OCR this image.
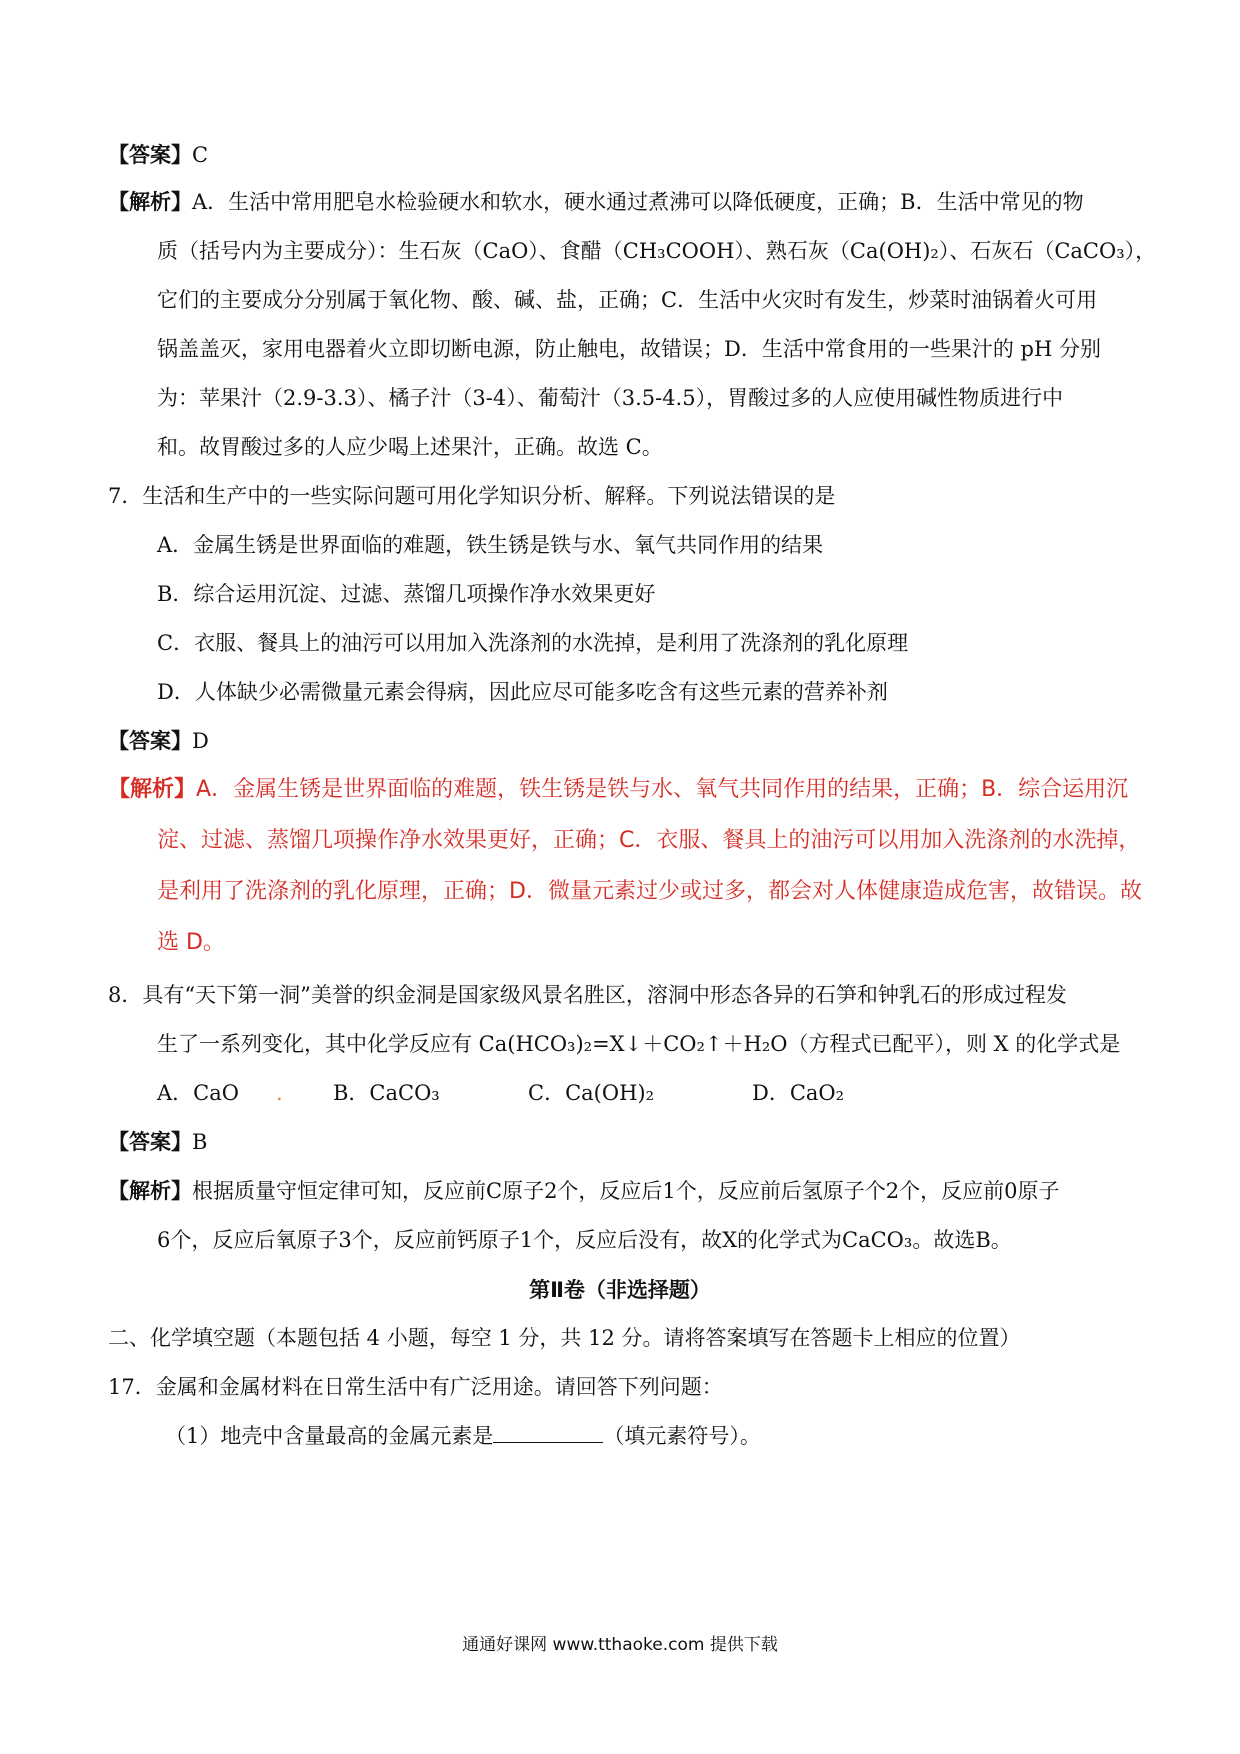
【答案】C
【解析】A．生活中常用肥皂水检验硬水和软水，硬水通过煮沸可以降低硬度，正确；B．生活中常见的物
质（括号内为主要成分）：生石灰（CaO）、食醋（CH₃COOH）、熟石灰（Ca(OH)₂）、石灰石（CaCO₃），
它们的主要成分分别属于氧化物、酸、碱、盐，正确；C．生活中火灾时有发生，炒菜时油锅着火可用
锅盖盖灭，家用电器着火立即切断电源，防止触电，故错误；D．生活中常食用的一些果汁的 pH 分别
为：苹果汁（2.9-3.3）、橘子汁（3-4）、葡萄汁（3.5-4.5），胃酸过多的人应使用碱性物质进行中
和。故胃酸过多的人应少喝上述果汁，正确。故选 C。
7．生活和生产中的一些实际问题可用化学知识分析、解释。下列说法错误的是
A．金属生锈是世界面临的难题，铁生锈是铁与水、氧气共同作用的结果
B．综合运用沉淀、过滤、蒸馏几项操作净水效果更好
C．衣服、餐具上的油污可以用加入洗涤剂的水洗掉，是利用了洗涤剂的乳化原理
D．人体缺少必需微量元素会得病，因此应尽可能多吃含有这些元素的营养补剂
【答案】D
【解析】A．金属生锈是世界面临的难题，铁生锈是铁与水、氧气共同作用的结果，正确；B．综合运用沉
淀、过滤、蒸馏几项操作净水效果更好，正确；C．衣服、餐具上的油污可以用加入洗涤剂的水洗掉，
是利用了洗涤剂的乳化原理，正确；D．微量元素过少或过多，都会对人体健康造成危害，故错误。故
选 D。
8．具有“天下第一洞”美誉的织金洞是国家级风景名胜区，溶洞中形态各异的石笋和钟乳石的形成过程发
生了一系列变化，其中化学反应有 Ca(HCO₃)₂=X↓＋CO₂↑＋H₂O（方程式已配平），则 X 的化学式是
A．CaO . B．CaCO₃	C．Ca(OH)₂	D．CaO₂
【答案】B
【解析】根据质量守恒定律可知，反应前C原子2个，反应后1个，反应前后氢原子个2个，反应前0原子
6个，反应后氧原子3个，反应前钙原子1个，反应后没有，故X的化学式为CaCO₃。故选B。
第Ⅱ卷（非选择题）
二、化学填空题（本题包括 4 小题，每空 1 分，共 12 分。请将答案填写在答题卡上相应的位置）
17．金属和金属材料在日常生活中有广泛用途。请回答下列问题：
（1）地壳中含量最高的金属元素是	（填元素符号）。
通通好课网 www.tthaoke.com 提供下载
